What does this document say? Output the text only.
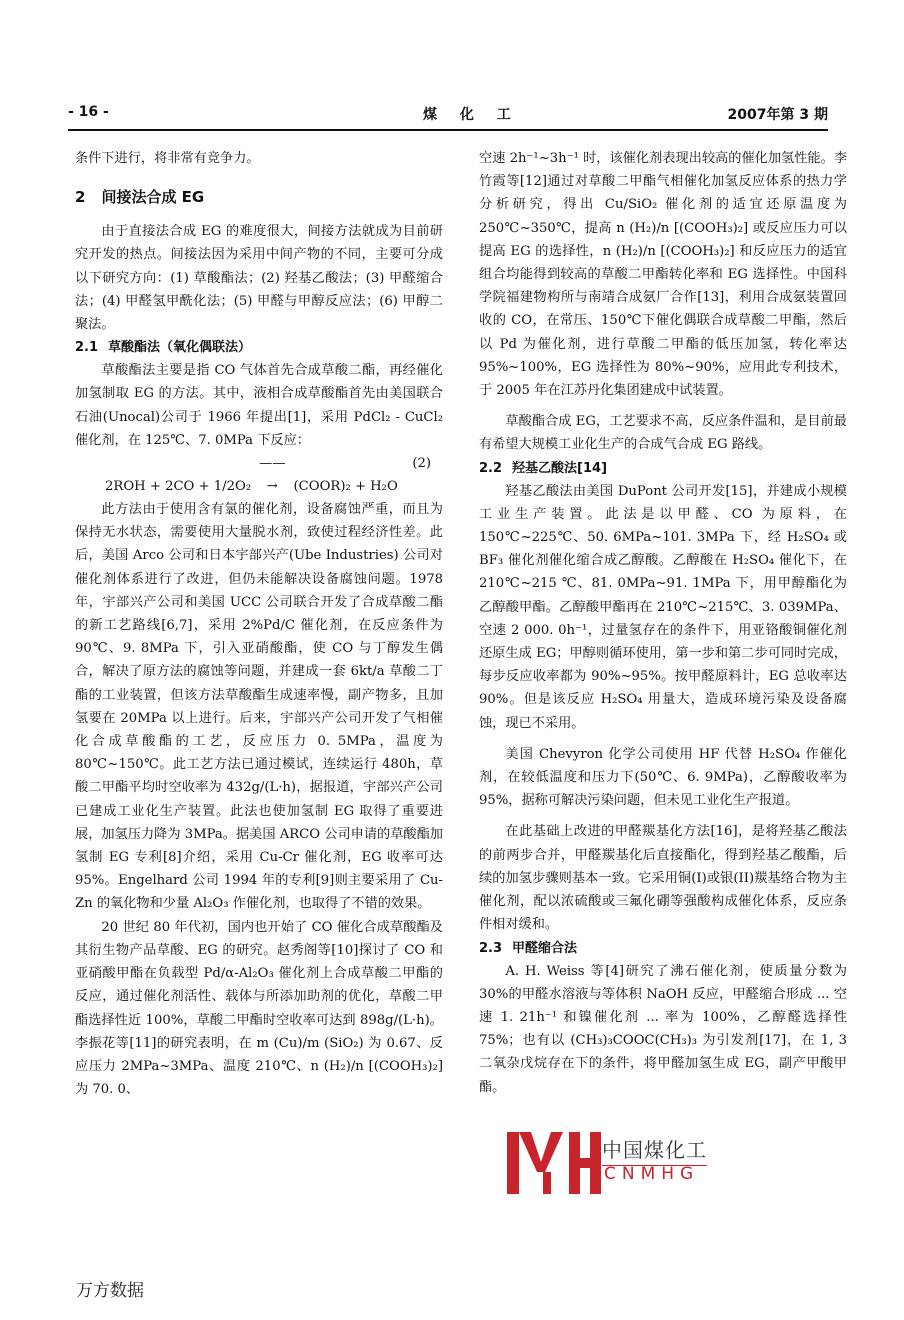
- 16 -	煤 化 工	2007年第 3 期

条件下进行，将非常有竞争力。

2 间接法合成 EG

由于直接法合成 EG 的难度很大，间接方法就成为目前研究开发的热点。间接法因为采用中间产物的不同，主要可分成以下研究方向：(1) 草酸酯法；(2) 羟基乙酸法；(3) 甲醛缩合法；(4) 甲醛氢甲酰化法；(5) 甲醛与甲醇反应法；(6) 甲醇二聚法。

2.1 草酸酯法（氧化偶联法）

草酸酯法主要是指 CO 气体首先合成草酸二酯，再经催化加氢制取 EG 的方法。其中，液相合成草酸酯首先由美国联合石油(Unocal)公司于 1966 年提出[1]，采用 PdCl₂ - CuCl₂ 催化剂，在 125℃、7. 0MPa 下反应：

2ROH + 2CO + 1/2O₂ ——→ (COOR)₂ + H₂O
(2)

此方法由于使用含有氯的催化剂，设备腐蚀严重，而且为保持无水状态，需要使用大量脱水剂，致使过程经济性差。此后，美国 Arco 公司和日本宇部兴产(Ube Industries) 公司对催化剂体系进行了改进，但仍未能解决设备腐蚀问题。1978 年，宇部兴产公司和美国 UCC 公司联合开发了合成草酸二酯的新工艺路线[6,7]，采用 2%Pd/C 催化剂，在反应条件为 90℃、9. 8MPa 下，引入亚硝酸酯，使 CO 与丁醇发生偶合，解决了原方法的腐蚀等问题，并建成一套 6kt/a 草酸二丁酯的工业装置，但该方法草酸酯生成速率慢，副产物多，且加氢要在 20MPa 以上进行。后来，宇部兴产公司开发了气相催化合成草酸酯的工艺，反应压力 0. 5MPa，温度为 80℃~150℃。此工艺方法已通过模试，连续运行 480h，草酸二甲酯平均时空收率为 432g/(L·h)，据报道，宇部兴产公司已建成工业化生产装置。此法也使加氢制 EG 取得了重要进展，加氢压力降为 3MPa。据美国 ARCO 公司申请的草酸酯加氢制 EG 专利[8]介绍，采用 Cu-Cr 催化剂，EG 收率可达 95%。Engelhard 公司 1994 年的专利[9]则主要采用了 Cu-Zn 的氧化物和少量 Al₂O₃ 作催化剂，也取得了不错的效果。

20 世纪 80 年代初，国内也开始了 CO 催化合成草酸酯及其衍生物产品草酸、EG 的研究。赵秀阁等[10]探讨了 CO 和亚硝酸甲酯在负载型 Pd/α-Al₂O₃ 催化剂上合成草酸二甲酯的反应，通过催化剂活性、载体与所添加助剂的优化，草酸二甲酯选择性近 100%，草酸二甲酯时空收率可达到 898g/(L·h)。李振花等[11]的研究表明，在 m (Cu)/m (SiO₂) 为 0.67、反应压力 2MPa~3MPa、温度 210℃、n (H₂)/n [(COOH₃)₂] 为 70. 0、

空速 2h⁻¹~3h⁻¹ 时，该催化剂表现出较高的催化加氢性能。李竹霞等[12]通过对草酸二甲酯气相催化加氢反应体系的热力学分析研究，得出 Cu/SiO₂ 催化剂的适宜还原温度为 250℃~350℃，提高 n (H₂)/n [(COOH₃)₂] 或反应压力可以提高 EG 的选择性，n (H₂)/n [(COOH₃)₂] 和反应压力的适宜组合均能得到较高的草酸二甲酯转化率和 EG 选择性。中国科学院福建物构所与南靖合成氨厂合作[13]，利用合成氨装置回收的 CO，在常压、150℃下催化偶联合成草酸二甲酯，然后以 Pd 为催化剂，进行草酸二甲酯的低压加氢，转化率达 95%~100%，EG 选择性为 80%~90%，应用此专利技术，于 2005 年在江苏丹化集团建成中试装置。

草酸酯合成 EG，工艺要求不高，反应条件温和，是目前最有希望大规模工业化生产的合成气合成 EG 路线。

2.2 羟基乙酸法[14]

羟基乙酸法由美国 DuPont 公司开发[15]，并建成小规模工业生产装置。此法是以甲醛、CO 为原料，在 150℃~225℃、50. 6MPa~101. 3MPa 下，经 H₂SO₄ 或 BF₃ 催化剂催化缩合成乙醇酸。乙醇酸在 H₂SO₄ 催化下，在 210℃~215 ℃、81. 0MPa~91. 1MPa 下，用甲醇酯化为乙醇酸甲酯。乙醇酸甲酯再在 210℃~215℃、3. 039MPa、空速 2 000. 0h⁻¹，过量氢存在的条件下，用亚铬酸铜催化剂还原生成 EG；甲醇则循环使用，第一步和第二步可同时完成，每步反应收率都为 90%~95%。按甲醛原料计，EG 总收率达 90%。但是该反应 H₂SO₄ 用量大，造成环境污染及设备腐蚀，现已不采用。

美国 Chevyron 化学公司使用 HF 代替 H₂SO₄ 作催化剂，在较低温度和压力下(50℃、6. 9MPa)，乙醇酸收率为 95%，据称可解决污染问题，但未见工业化生产报道。

在此基础上改进的甲醛羰基化方法[16]，是将羟基乙酸法的前两步合并，甲醛羰基化后直接酯化，得到羟基乙酸酯，后续的加氢步骤则基本一致。它采用铜(I)或银(II)羰基络合物为主催化剂，配以浓硫酸或三氟化硼等强酸构成催化体系，反应条件相对缓和。

2.3 甲醛缩合法

A. H. Weiss 等[4]研究了沸石催化剂，使质量分数为 30%的甲醛水溶液与等体积 NaOH 反应，甲醛缩合形成 ... 空速 1. 21h⁻¹ 和镍催化剂 ... 率为 100%，乙醇醛选择性 75%；也有以 (CH₃)₃COOC(CH₃)₃ 为引发剂[17]，在 1, 3 二氧杂戊烷存在下的条件，将甲醛加氢生成 EG，副产甲酸甲酯。

中国煤化工
CNMHG
万方数据
